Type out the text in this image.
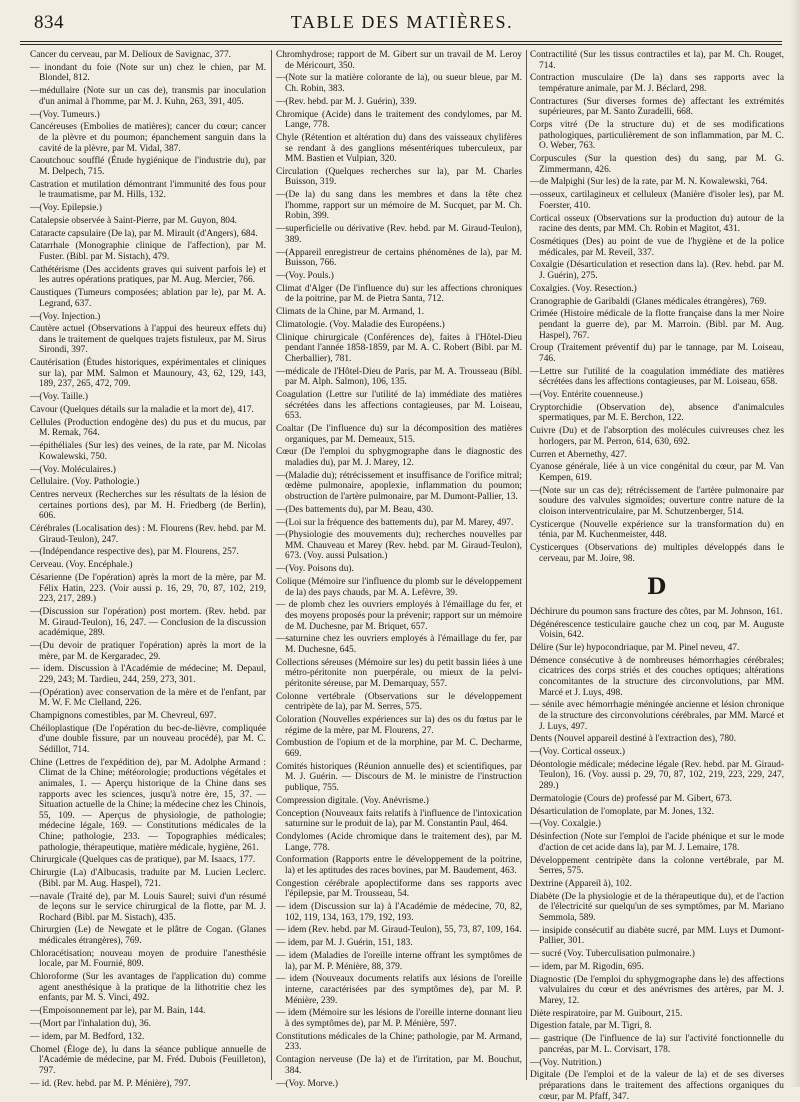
834	TABLE DES MATIÈRES.

Cancer du cerveau, par M. Delioux de Savignac, 377.

— inondant du foie (Note sur un) chez le chien, par M. Blondel, 812.

—médullaire (Note sur un cas de), transmis par inoculation d'un animal à l'homme, par M. J. Kuhn, 263, 391, 405.

—(Voy. Tumeurs.)

Cancéreuses (Embolies de matières); cancer du cœur; cancer de la plèvre et du poumon; épanchement sanguin dans la cavité de la plèvre, par M. Vidal, 387.

Caoutchouc soufflé (Étude hygiénique de l'industrie du), par M. Delpech, 715.

Castration et mutilation démontrant l'immunité des fous pour le traumatisme, par M. Hills, 132.

—(Voy. Epilepsie.)

Catalepsie observée à Saint-Pierre, par M. Guyon, 804.

Cataracte capsulaire (De la), par M. Mirault (d'Angers), 684.

Catarrhale (Monographie clinique de l'affection), par M. Fuster. (Bibl. par M. Sistach), 479.

Cathétérisme (Des accidents graves qui suivent parfois le) et les autres opérations pratiques, par M. Aug. Mercier, 766.

Caustiques (Tumeurs composées; ablation par le), par M. A. Legrand, 637.

—(Voy. Injection.)

Cautère actuel (Observations à l'appui des heureux effets du) dans le traitement de quelques trajets fistuleux, par M. Sirus Sirondi, 397.

Cautérisation (Études historiques, expérimentales et cliniques sur la), par MM. Salmon et Maunoury, 43, 62, 129, 143, 189, 237, 265, 472, 709.

—(Voy. Taille.)

Cavour (Quelques détails sur la maladie et la mort de), 417.

Cellules (Production endogène des) du pus et du mucus, par M. Remak, 764.

—épithéliales (Sur les) des veines, de la rate, par M. Nicolas Kowalewski, 750.

—(Voy. Moléculaires.)

Cellulaire. (Voy. Pathologie.)

Centres nerveux (Recherches sur les résultats de la lésion de certaines portions des), par M. H. Friedberg (de Berlin), 606.

Cérébrales (Localisation des) : M. Flourens (Rev. hebd. par M. Giraud-Teulon), 247.

—(Indépendance respective des), par M. Flourens, 257.

Cerveau. (Voy. Encéphale.)

Césarienne (De l'opération) après la mort de la mère, par M. Félix Hatin, 223. (Voir aussi p. 16, 29, 70, 87, 102, 219, 223, 217, 289.)

—(Discussion sur l'opération) post mortem. (Rev. hebd. par M. Giraud-Teulon), 16, 247. — Conclusion de la discussion académique, 289.

—(Du devoir de pratiquer l'opération) après la mort de la mère, par M. de Kergaradec, 29.

— idem. Discussion à l'Académie de médecine; M. Depaul, 229, 243; M. Tardieu, 244, 259, 273, 301.

—(Opération) avec conservation de la mère et de l'enfant, par M. W. F. Mc Clelland, 226.

Champignons comestibles, par M. Chevreul, 697.

Chéiloplastique (De l'opération du bec-de-lièvre, compliquée d'une double fissure, par un nouveau procédé), par M. C. Sédillot, 714.

Chine (Lettres de l'expédition de), par M. Adolphe Armand : Climat de la Chine; météorologie; productions végétales et animales, 1. — Aperçu historique de la Chine dans ses rapports avec les sciences, jusqu'à notre ère, 15, 37. — Situation actuelle de la Chine; la médecine chez les Chinois, 55, 109. — Aperçus de physiologie, de pathologie; médecine légale, 169. — Constitutions médicales de la Chine; pathologie, 233. — Topographies médicales; pathologie, thérapeutique, matière médicale, hygiène, 261.

Chirurgicale (Quelques cas de pratique), par M. Isaacs, 177.

Chirurgie (La) d'Albucasis, traduite par M. Lucien Leclerc. (Bibl. par M. Aug. Haspel), 721.

—navale (Traité de), par M. Louis Saurel; suivi d'un résumé de leçons sur le service chirurgical de la flotte, par M. J. Rochard (Bibl. par M. Sistach), 435.

Chirurgien (Le) de Newgate et le plâtre de Cogan. (Glanes médicales étrangères), 769.

Chloracétisation; nouveau moyen de produire l'anesthésie locale, par M. Fournié, 809.

Chloroforme (Sur les avantages de l'application du) comme agent anesthésique à la pratique de la lithotritie chez les enfants, par M. S. Vinci, 492.

—(Empoisonnement par le), par M. Bain, 144.

—(Mort par l'inhalation du), 36.

— idem, par M. Bedford, 132.

Chomel (Éloge de), lu dans la séance publique annuelle de l'Académie de médecine, par M. Fréd. Dubois (Feuilleton), 797.

— id. (Rev. hebd. par M. P. Ménière), 797.

Chromhydrose; rapport de M. Gibert sur un travail de M. Leroy de Méricourt, 350.

—(Note sur la matière colorante de la), ou sueur bleue, par M. Ch. Robin, 383.

—(Rev. hebd. par M. J. Guérin), 339.

Chromique (Acide) dans le traitement des condylomes, par M. Lange, 778.

Chyle (Rétention et altération du) dans des vaisseaux chylifères se rendant à des ganglions mésentériques tuberculeux, par MM. Bastien et Vulpian, 320.

Circulation (Quelques recherches sur la), par M. Charles Buisson, 319.

—(De la) du sang dans les membres et dans la tête chez l'homme, rapport sur un mémoire de M. Sucquet, par M. Ch. Robin, 399.

—superficielle ou dérivative (Rev. hebd. par M. Giraud-Teulon), 389.

—(Appareil enregistreur de certains phénomènes de la), par M. Buisson, 766.

—(Voy. Pouls.)

Climat d'Alger (De l'influence du) sur les affections chroniques de la poitrine, par M. de Pietra Santa, 712.

Climats de la Chine, par M. Armand, 1.

Climatologie. (Voy. Maladie des Européens.)

Clinique chirurgicale (Conférences de), faites à l'Hôtel-Dieu pendant l'année 1858-1859, par M. A. C. Robert (Bibl. par M. Cherballier), 781.

—médicale de l'Hôtel-Dieu de Paris, par M. A. Trousseau (Bibl. par M. Alph. Salmon), 106, 135.

Coagulation (Lettre sur l'utilité de la) immédiate des matières sécrétées dans les affections contagieuses, par M. Loiseau, 653.

Coaltar (De l'influence du) sur la décomposition des matières organiques, par M. Demeaux, 515.

Cœur (De l'emploi du sphygmographe dans le diagnostic des maladies du), par M. J. Marey, 12.

—(Maladie du); rétrécissement et insuffisance de l'orifice mitral; œdème pulmonaire, apoplexie, inflammation du poumon; obstruction de l'artère pulmonaire, par M. Dumont-Pallier, 13.

—(Des battements du), par M. Beau, 430.

—(Loi sur la fréquence des battements du), par M. Marey, 497.

—(Physiologie des mouvements du); recherches nouvelles par MM. Chauveau et Marey (Rev. hebd. par M. Giraud-Teulon), 673. (Voy. aussi Pulsation.)

—(Voy. Poisons du).

Colique (Mémoire sur l'influence du plomb sur le développement de la) des pays chauds, par M. A. Lefèvre, 39.

— de plomb chez les ouvriers employés à l'émaillage du fer, et des moyens proposés pour la prévenir; rapport sur un mémoire de M. Duchesne, par M. Briquet, 657.

—saturnine chez les ouvriers employés à l'émaillage du fer, par M. Duchesne, 645.

Collections séreuses (Mémoire sur les) du petit bassin liées à une métro-péritonite non puerpérale, ou mieux de la pelvi-péritonite séreuse, par M. Demarquay, 557.

Colonne vertébrale (Observations sur le développement centripète de la), par M. Serres, 575.

Coloration (Nouvelles expériences sur la) des os du fœtus par le régime de la mère, par M. Flourens, 27.

Combustion de l'opium et de la morphine, par M. C. Decharme, 669.

Comités historiques (Réunion annuelle des) et scientifiques, par M. J. Guérin. — Discours de M. le ministre de l'instruction publique, 755.

Compression digitale. (Voy. Anévrisme.)

Conception (Nouveaux faits relatifs à l'influence de l'intoxication saturnine sur le produit de la), par M. Constantin Paul, 464.

Condylomes (Acide chromique dans le traitement des), par M. Lange, 778.

Conformation (Rapports entre le développement de la poitrine, la) et les aptitudes des races bovines, par M. Baudement, 463.

Congestion cérébrale apoplectiforme dans ses rapports avec l'épilepsie, par M. Trousseau, 54.

— idem (Discussion sur la) à l'Académie de médecine, 70, 82, 102, 119, 134, 163, 179, 192, 193.

— idem (Rev. hebd. par M. Giraud-Teulon), 55, 73, 87, 109, 164.

— idem, par M. J. Guérin, 151, 183.

— idem (Maladies de l'oreille interne offrant les symptômes de la), par M. P. Ménière, 88, 379.

— idem (Nouveaux documents relatifs aux lésions de l'oreille interne, caractérisées par des symptômes de), par M. P. Ménière, 239.

— idem (Mémoire sur les lésions de l'oreille interne donnant lieu à des symptômes de), par M. P. Ménière, 597.

Constitutions médicales de la Chine; pathologie, par M. Armand, 233.

Contagion nerveuse (De la) et de l'irritation, par M. Bouchut, 384.

—(Voy. Morve.)

Contractilité (Sur les tissus contractiles et la), par M. Ch. Rouget, 714.

Contraction musculaire (De la) dans ses rapports avec la température animale, par M. J. Béclard, 298.

Contractures (Sur diverses formes de) affectant les extrémités supérieures, par M. Santo Zuradelli, 668.

Corps vitré (De la structure du) et de ses modifications pathologiques, particulièrement de son inflammation, par M. C. O. Weber, 763.

Corpuscules (Sur la question des) du sang, par M. G. Zimmermann, 426.

—de Malpighi (Sur les) de la rate, par M. N. Kowalewski, 764.

—osseux, cartilagineux et celluleux (Manière d'isoler les), par M. Foerster, 410.

Cortical osseux (Observations sur la production du) autour de la racine des dents, par MM. Ch. Robin et Magitot, 431.

Cosmétiques (Des) au point de vue de l'hygiène et de la police médicales, par M. Reveil, 337.

Coxalgie (Désarticulation et resection dans la). (Rev. hebd. par M. J. Guérin), 275.

Coxalgies. (Voy. Resection.)

Cranographie de Garibaldi (Glanes médicales étrangères), 769.

Crimée (Histoire médicale de la flotte française dans la mer Noire pendant la guerre de), par M. Marroin. (Bibl. par M. Aug. Haspel), 767.

Croup (Traitement préventif du) par le tannage, par M. Loiseau, 746.

—Lettre sur l'utilité de la coagulation immédiate des matières sécrétées dans les affections contagieuses, par M. Loiseau, 658.

—(Voy. Entérite couenneuse.)

Cryptorchidie (Observation de), absence d'animalcules spermatiques, par M. E. Berchon, 122.

Cuivre (Du) et de l'absorption des molécules cuivreuses chez les horlogers, par M. Perron, 614, 630, 692.

Curren et Abernethy, 427.

Cyanose générale, liée à un vice congénital du cœur, par M. Van Kempen, 619.

—(Note sur un cas de); rétrécissement de l'artère pulmonaire par soudure des valvules sigmoïdes; ouverture contre nature de la cloison interventriculaire, par M. Schutzenberger, 514.

Cysticerque (Nouvelle expérience sur la transformation du) en ténia, par M. Kuchenmeister, 448.

Cysticerques (Observations de) multiples développés dans le cerveau, par M. Joire, 98.

D

Déchirure du poumon sans fracture des côtes, par M. Johnson, 161.

Dégénérescence testiculaire gauche chez un coq, par M. Auguste Voisin, 642.

Délire (Sur le) hypocondriaque, par M. Pinel neveu, 47.

Démence consécutive à de nombreuses hémorrhagies cérébrales; cicatrices des corps striés et des couches optiques; altérations concomitantes de la structure des circonvolutions, par MM. Marcé et J. Luys, 498.

— sénile avec hémorrhagie méningée ancienne et lésion chronique de la structure des circonvolutions cérébrales, par MM. Marcé et J. Luys, 497.

Dents (Nouvel appareil destiné à l'extraction des), 780.

—(Voy. Cortical osseux.)

Déontologie médicale; médecine légale (Rev. hebd. par M. Giraud-Teulon), 16. (Voy. aussi p. 29, 70, 87, 102, 219, 223, 229, 247, 289.)

Dermatologie (Cours de) professé par M. Gibert, 673.

Désarticulation de l'omoplate, par M. Jones, 132.

—(Voy. Coxalgie.)

Désinfection (Note sur l'emploi de l'acide phénique et sur le mode d'action de cet acide dans la), par M. J. Lemaire, 178.

Développement centripète dans la colonne vertébrale, par M. Serres, 575.

Dextrine (Appareil à), 102.

Diabète (De la physiologie et de la thérapeutique du), et de l'action de l'électricité sur quelqu'un de ses symptômes, par M. Mariano Semmola, 589.

— insipide consécutif au diabète sucré, par MM. Luys et Dumont-Pallier, 301.

— sucré (Voy. Tuberculisation pulmonaire.)

— idem, par M. Rigodin, 695.

Diagnostic (De l'emploi du sphygmographe dans le) des affections valvulaires du cœur et des anévrismes des artères, par M. J. Marey, 12.

Diète respiratoire, par M. Guibourt, 215.

Digestion fatale, par M. Tigri, 8.

— gastrique (De l'influence de la) sur l'activité fonctionnelle du pancréas, par M. L. Corvisart, 178.

—(Voy. Nutrition.)

Digitale (De l'emploi et de la valeur de la) et de ses diverses préparations dans le traitement des affections organiques du cœur, par M. Pfaff, 347.
